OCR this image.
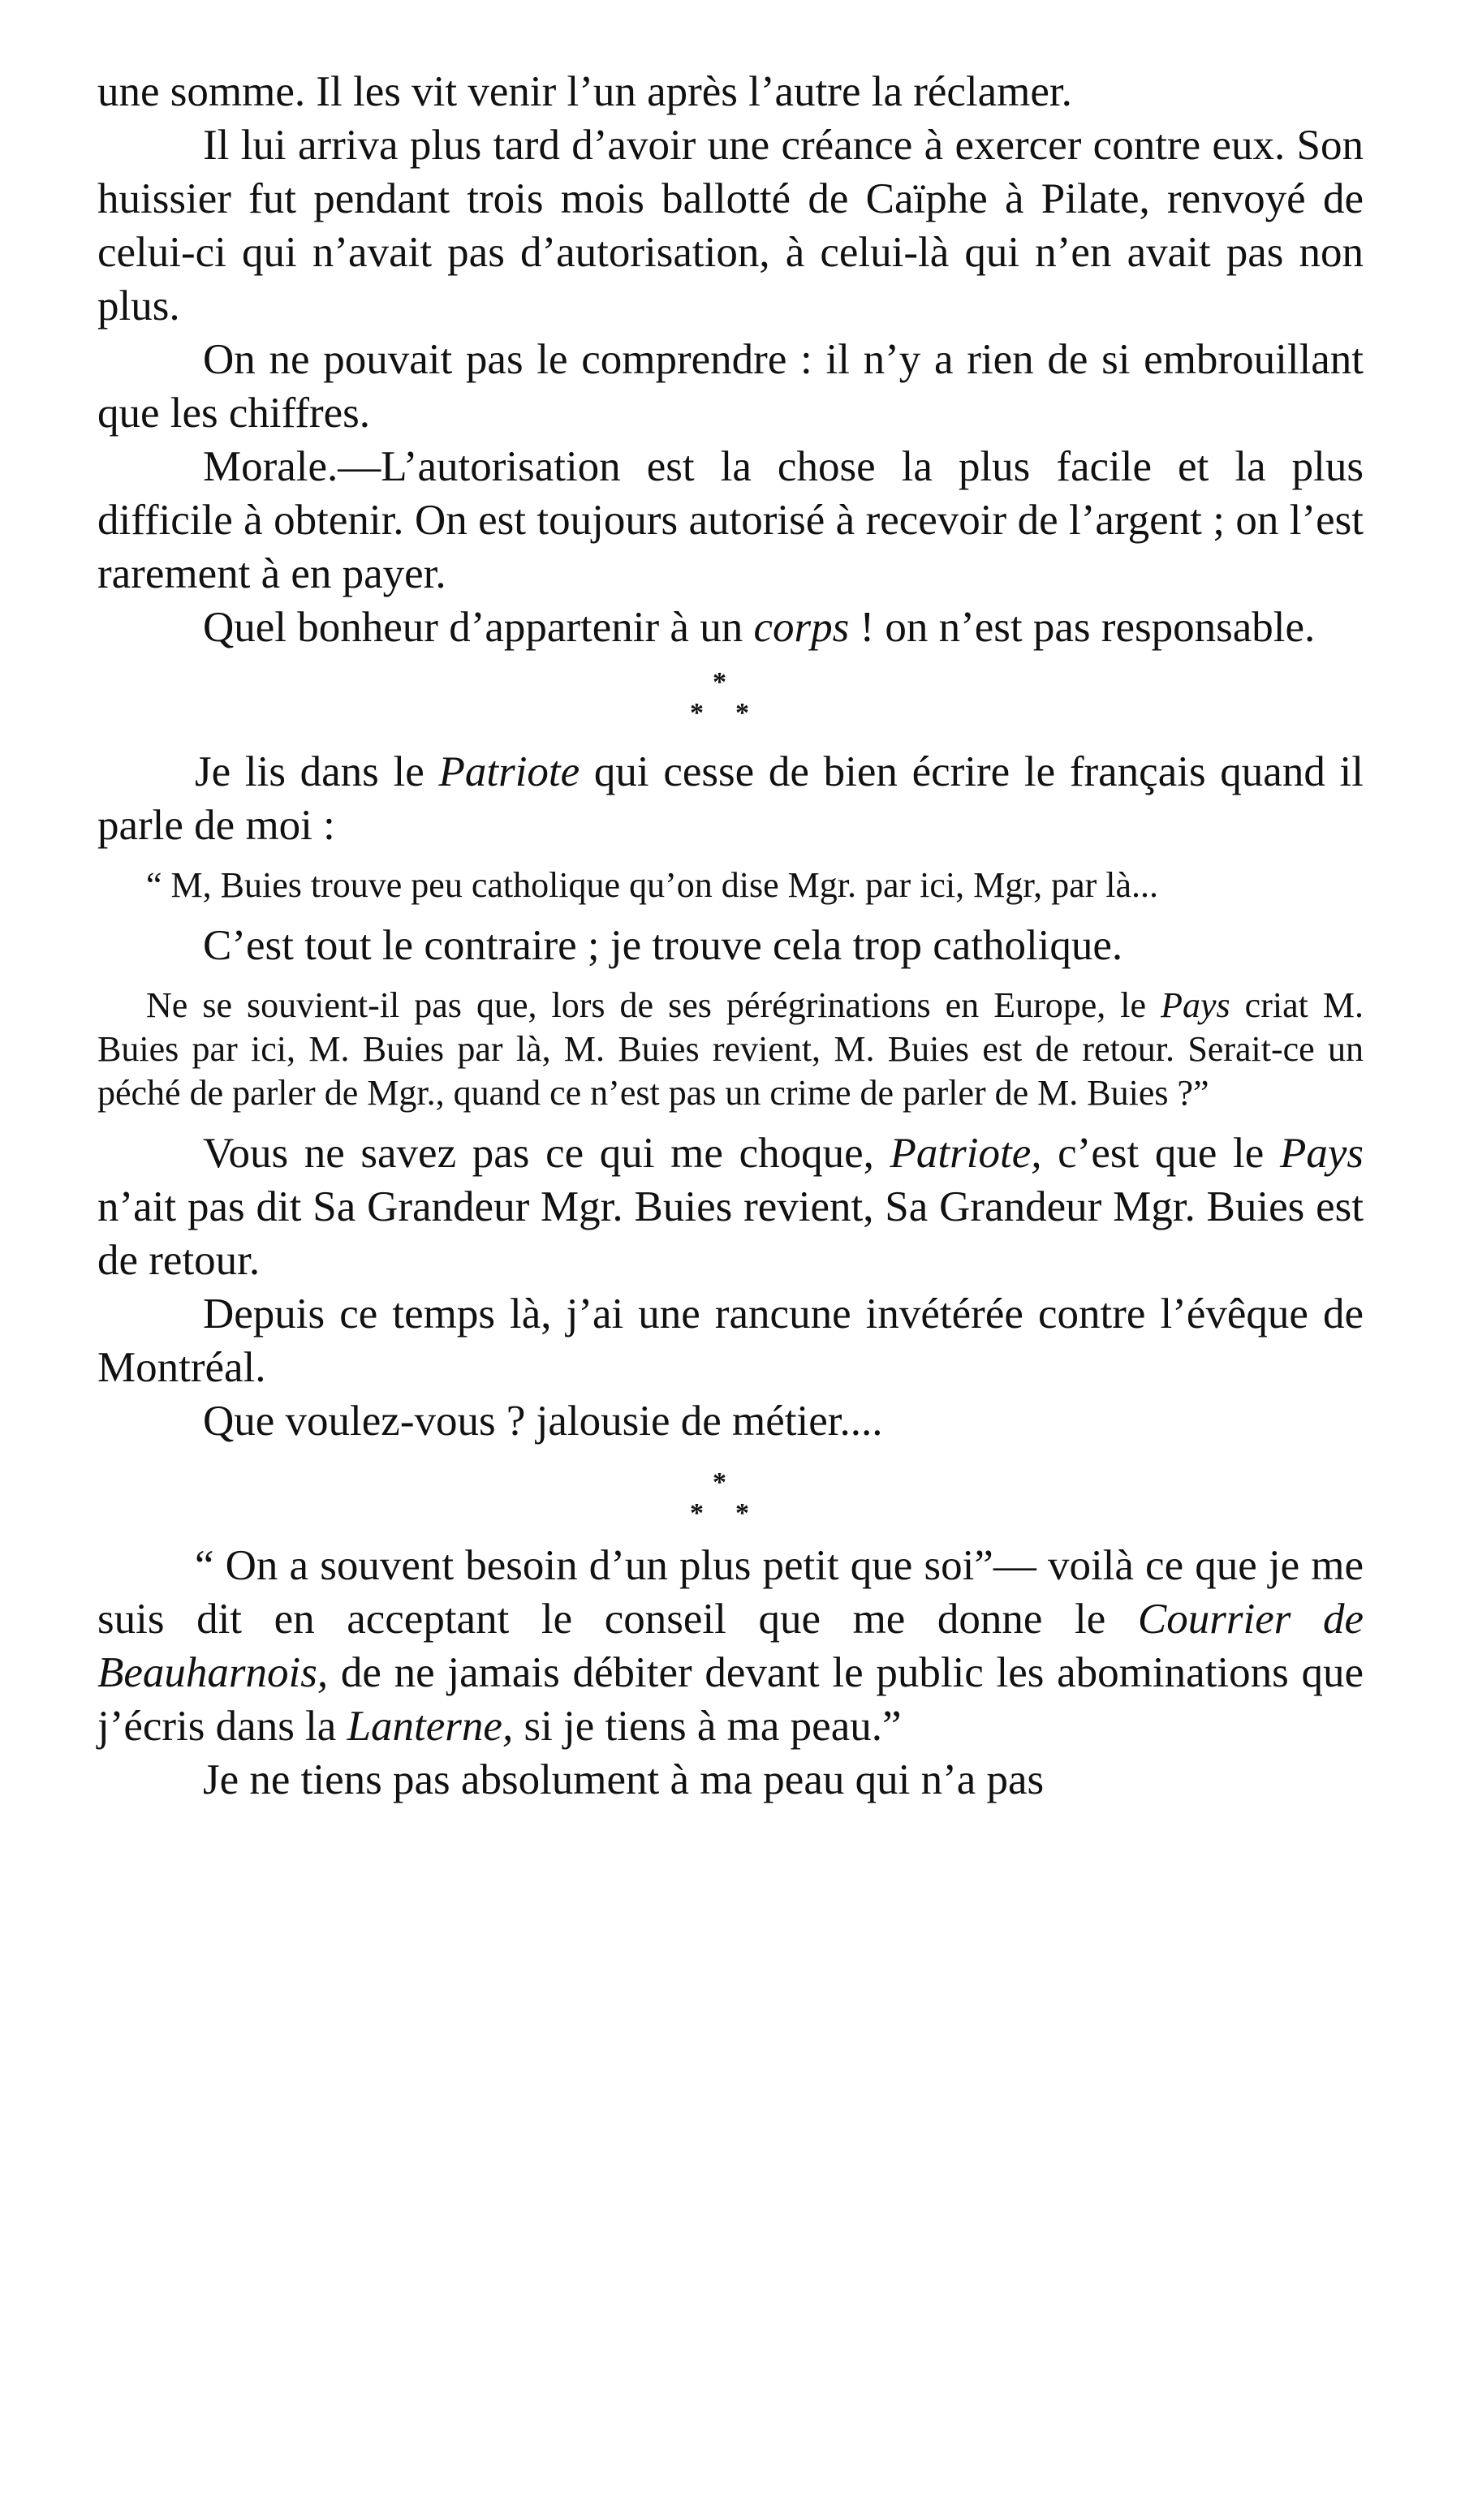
une somme. Il les vit venir l’un après l’autre la réclamer.

Il lui arriva plus tard d’avoir une créance à exercer contre eux. Son huissier fut pendant trois mois ballotté de Caïphe à Pilate, renvoyé de celui-ci qui n’avait pas d’autorisation, à celui-là qui n’en avait pas non plus.

On ne pouvait pas le comprendre : il n’y a rien de si embrouillant que les chiffres.

Morale.—L’autorisation est la chose la plus facile et la plus difficile à obtenir. On est toujours autorisé à recevoir de l’argent ; on l’est rarement à en payer.

Quel bonheur d’appartenir à un corps ! on n’est pas responsable.

*
* *

Je lis dans le Patriote qui cesse de bien écrire le français quand il parle de moi :

“ M, Buies trouve peu catholique qu’on dise Mgr. par ici, Mgr, par là...

C’est tout le contraire ; je trouve cela trop catholique.

Ne se souvient-il pas que, lors de ses pérégrinations en Europe, le Pays criat M. Buies par ici, M. Buies par là, M. Buies revient, M. Buies est de retour. Serait-ce un péché de parler de Mgr., quand ce n’est pas un crime de parler de M. Buies ?”

Vous ne savez pas ce qui me choque, Patriote, c’est que le Pays n’ait pas dit Sa Grandeur Mgr. Buies revient, Sa Grandeur Mgr. Buies est de retour.

Depuis ce temps là, j’ai une rancune invétérée contre l’évêque de Montréal.

Que voulez-vous ? jalousie de métier....

*
* *

“ On a souvent besoin d’un plus petit que soi”— voilà ce que je me suis dit en acceptant le conseil que me donne le Courrier de Beauharnois, de ne jamais débiter devant le public les abominations que j’écris dans la Lanterne, si je tiens à ma peau.”

Je ne tiens pas absolument à ma peau qui n’a pas
